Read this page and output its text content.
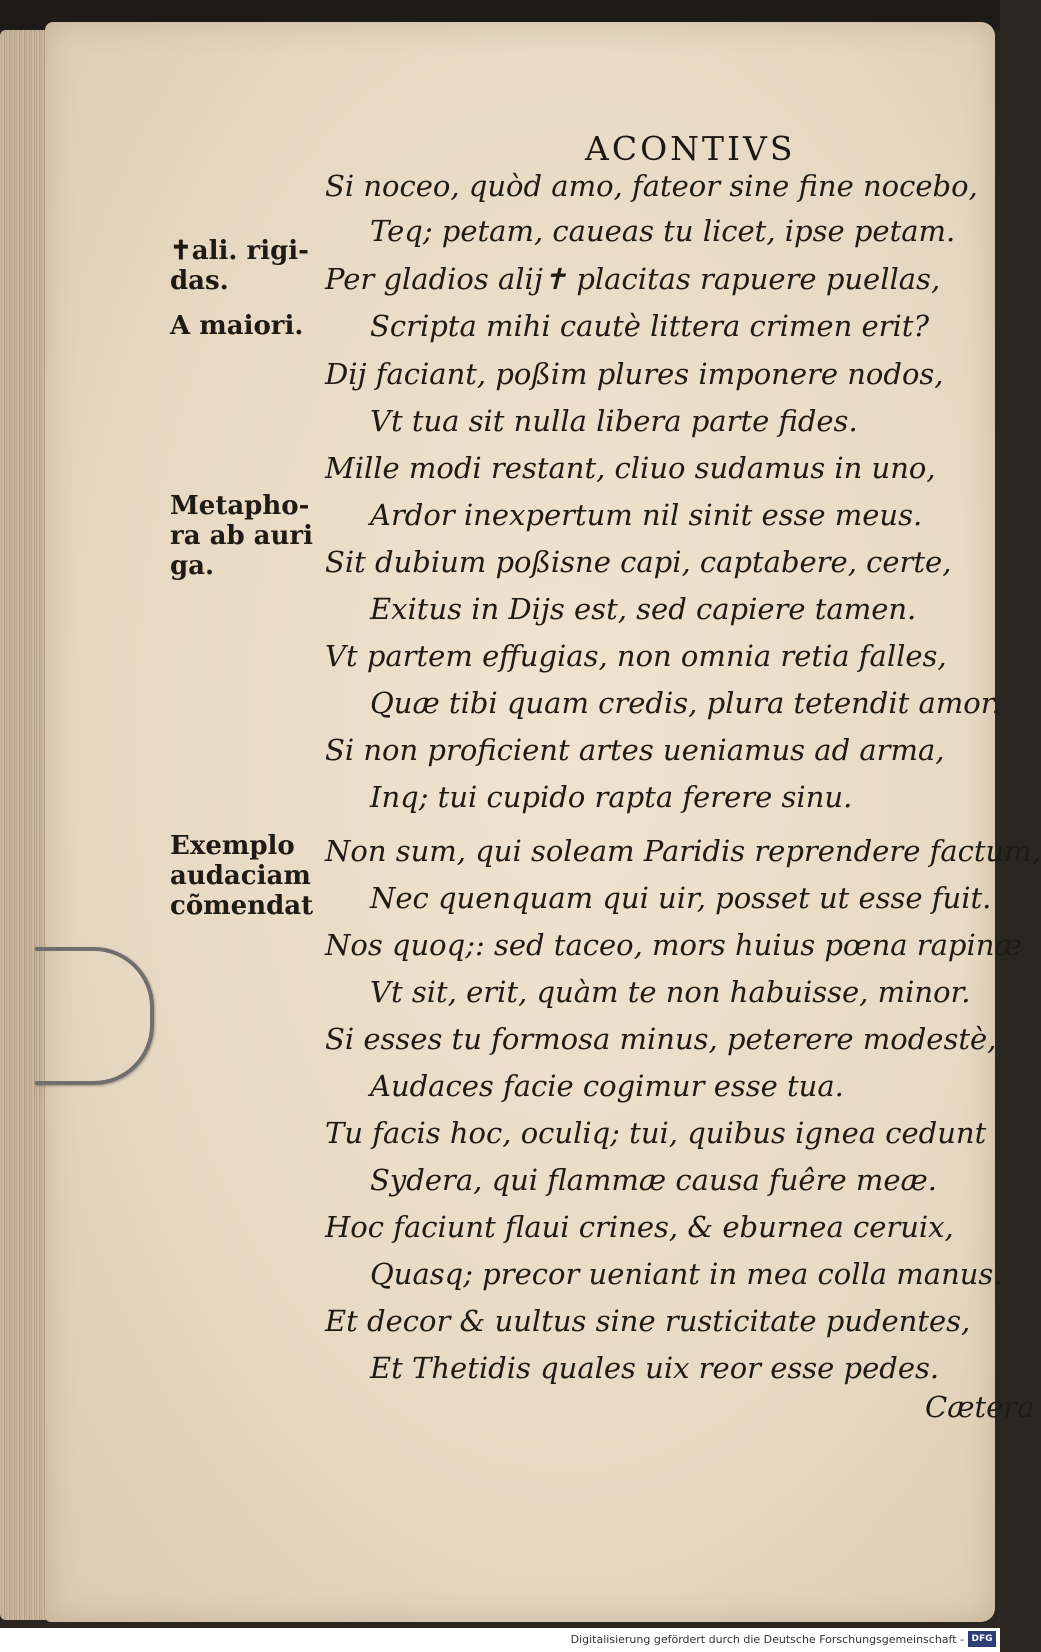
ACONTIVS
✝ali. rigi-
das.
A maiori.
Metapho-
ra ab auri
ga.
Exemplo
audaciam
cõmendat
Si noceo, quòd amo, fateor sine fine nocebo,
Teq; petam, caueas tu licet, ipse petam.
Per gladios alij✝ placitas rapuere puellas,
Scripta mihi cautè littera crimen erit?
Dij faciant, poßim plures imponere nodos,
Vt tua sit nulla libera parte fides.
Mille modi restant, cliuo sudamus in uno,
Ardor inexpertum nil sinit esse meus.
Sit dubium poßisne capi, captabere, certe,
Exitus in Dijs est, sed capiere tamen.
Vt partem effugias, non omnia retia falles,
Quæ tibi quam credis, plura tetendit amor.
Si non proficient artes ueniamus ad arma,
Inq; tui cupido rapta ferere sinu.
Non sum, qui soleam Paridis reprendere factum,
Nec quenquam qui uir, posset ut esse fuit.
Nos quoq;: sed taceo, mors huius pœna rapinæ
Vt sit, erit, quàm te non habuisse, minor.
Si esses tu formosa minus, peterere modestè,
Audaces facie cogimur esse tua.
Tu facis hoc, oculiq; tui, quibus ignea cedunt
Sydera, qui flammæ causa fuêre meæ.
Hoc faciunt flaui crines, & eburnea ceruix,
Quasq; precor ueniant in mea colla manus.
Et decor & uultus sine rusticitate pudentes,
Et Thetidis quales uix reor esse pedes.
Cætera
Digitalisierung gefördert durch die Deutsche Forschungsgemeinschaft - DFG
